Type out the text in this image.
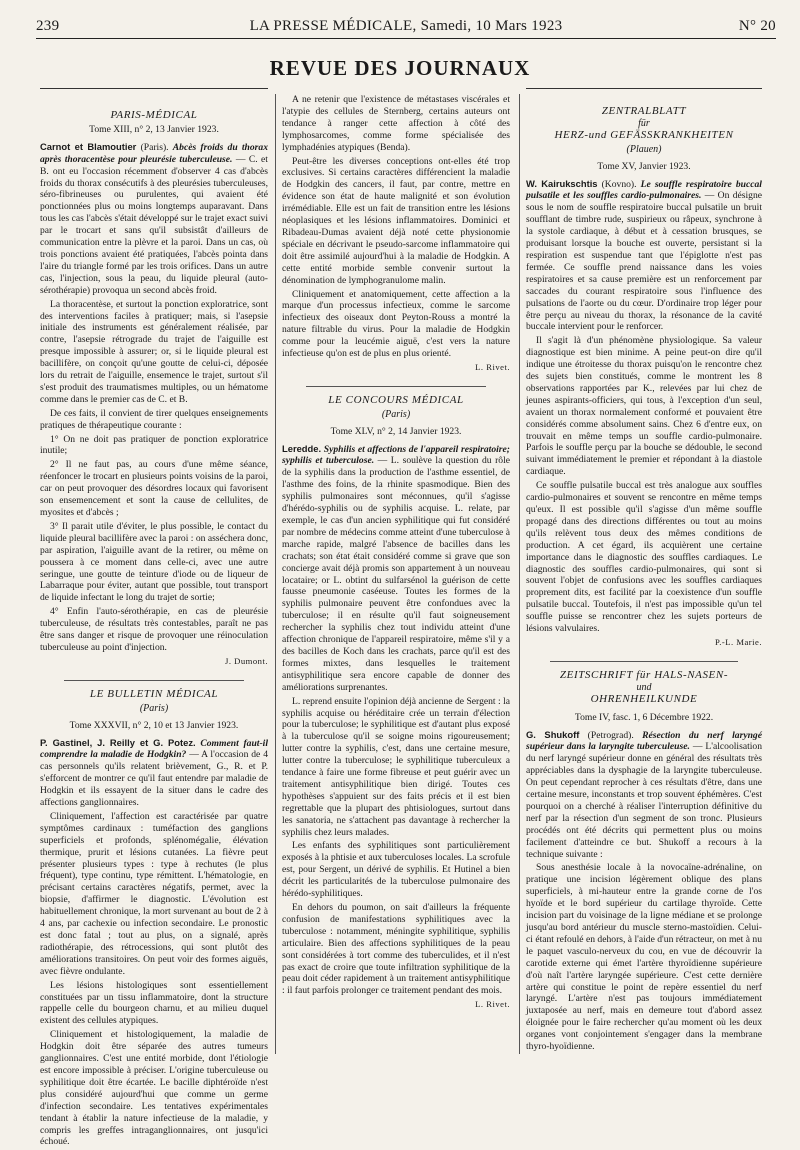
239	LA PRESSE MÉDICALE, Samedi, 10 Mars 1923	N° 20
REVUE DES JOURNAUX
PARIS-MÉDICAL
Tome XIII, n° 2, 13 Janvier 1923.

Carnot et Blamoutier (Paris). Abcès froids du thorax après thoracentèse pour pleurésie tuberculeuse. — C. et B. ont eu l'occasion récemment d'observer 4 cas d'abcès froids du thorax consécutifs à des pleurésies tuberculeuses, séro-fibrineuses ou purulentes, qui avaient été ponctionnées plus ou moins longtemps auparavant. Dans tous les cas l'abcès s'était développé sur le trajet exact suivi par le trocart et sans qu'il subsistât d'ailleurs de communication entre la plèvre et la paroi. Dans un cas, où trois ponctions avaient été pratiquées, l'abcès pointa dans l'aire du triangle formé par les trois orifices. Dans un autre cas, l'injection, sous la peau, du liquide pleural (auto-sérothérapie) provoqua un second abcès froid.

La thoracentèse, et surtout la ponction exploratrice, sont des interventions faciles à pratiquer; mais, si l'asepsie initiale des instruments est généralement réalisée, par contre, l'asepsie rétrograde du trajet de l'aiguille est presque impossible à assurer; or, si le liquide pleural est bacillifère, on conçoit qu'une goutte de celui-ci, déposée lors du retrait de l'aiguille, ensemence le trajet, surtout s'il s'est produit des traumatismes multiples, ou un hématome comme dans le premier cas de C. et B.

De ces faits, il convient de tirer quelques enseignements pratiques de thérapeutique courante :

1° On ne doit pas pratiquer de ponction exploratrice inutile;

2° Il ne faut pas, au cours d'une même séance, réenfoncer le trocart en plusieurs points voisins de la paroi, car on peut provoquer des désordres locaux qui favorisent son ensemencement et sont la cause de cellulites, de myosites et d'abcès ;

3° Il parait utile d'éviter, le plus possible, le contact du liquide pleural bacillifère avec la paroi : on asséchera donc, par aspiration, l'aiguille avant de la retirer, ou même on poussera à ce moment dans celle-ci, avec une autre seringue, une goutte de teinture d'iode ou de liqueur de Labarraque pour éviter, autant que possible, tout transport de liquide infectant le long du trajet de sortie;

4° Enfin l'auto-sérothérapie, en cas de pleurésie tuberculeuse, de résultats très contestables, paraît ne pas être sans danger et risque de provoquer une réinoculation tuberculeuse au point d'injection.

J. Dumont.
LE BULLETIN MÉDICAL
(Paris)
Tome XXXVII, n° 2, 10 et 13 Janvier 1923.

P. Gastinel, J. Reilly et G. Potez. Comment faut-il comprendre la maladie de Hodgkin? — A l'occasion de 4 cas personnels qu'ils relatent brièvement, G., R. et P. s'efforcent de montrer ce qu'il faut entendre par maladie de Hodgkin et ils essayent de la situer dans le cadre des affections ganglionnaires.

Cliniquement, l'affection est caractérisée par quatre symptômes cardinaux : tuméfaction des ganglions superficiels et profonds, splénomégalie, élévation thermique, prurit et lésions cutanées. La fièvre peut présenter plusieurs types : type à rechutes (le plus fréquent), type continu, type rémittent. L'hématologie, en précisant certains caractères négatifs, permet, avec la biopsie, d'affirmer le diagnostic. L'évolution est habituellement chronique, la mort survenant au bout de 2 à 4 ans, par cachexie ou infection secondaire. Le pronostic est donc fatal ; tout au plus, on a signalé, après radiothérapie, des rétrocessions, qui sont plutôt des améliorations transitoires. On peut voir des formes aiguës, avec fièvre ondulante.

Les lésions histologiques sont essentiellement constituées par un tissu inflammatoire, dont la structure rappelle celle du bourgeon charnu, et au milieu duquel existent des cellules atypiques.

Cliniquement et histologiquement, la maladie de Hodgkin doit être séparée des autres tumeurs ganglionnaires. C'est une entité morbide, dont l'étiologie est encore impossible à préciser. L'origine tuberculeuse ou syphilitique doit être écartée. Le bacille diphtéroïde n'est plus considéré aujourd'hui que comme un germe d'infection secondaire. Les tentatives expérimentales tendant à établir la nature infectieuse de la maladie, y compris les greffes intraganglionnaires, ont jusqu'ici échoué.

A ne retenir que l'existence de métastases viscérales et l'atypie des cellules de Sternberg, certains auteurs ont tendance à ranger cette affection à côté des lymphosarcomes, comme forme spécialisée des lymphadénies atypiques (Benda).

Peut-être les diverses conceptions ont-elles été trop exclusives. Si certains caractères différencient la maladie de Hodgkin des cancers, il faut, par contre, mettre en évidence son état de haute malignité et son évolution irrémédiable. Elle est un fait de transition entre les lésions néoplasiques et les lésions inflammatoires. Dominici et Ribadeau-Dumas avaient déjà noté cette physionomie spéciale en décrivant le pseudo-sarcome inflammatoire qui doit être assimilé aujourd'hui à la maladie de Hodgkin. A cette entité morbide semble convenir surtout la dénomination de lymphogranulome malin.

Cliniquement et anatomiquement, cette affection a la marque d'un processus infectieux, comme le sarcome infectieux des oiseaux dont Peyton-Rouss a montré la nature filtrable du virus. Pour la maladie de Hodgkin comme pour la leucémie aiguë, c'est vers la nature infectieuse qu'on est de plus en plus orienté.

L. Rivet.
LE CONCOURS MÉDICAL
(Paris)
Tome XLV, n° 2, 14 Janvier 1923.

Leredde. Syphilis et affections de l'appareil respiratoire; syphilis et tuberculose. — L. soulève la question du rôle de la syphilis dans la production de l'asthme essentiel, de l'asthme des foins, de la rhinite spasmodique. Bien des syphilis pulmonaires sont méconnues, qu'il s'agisse d'hérédo-syphilis ou de syphilis acquise. L. relate, par exemple, le cas d'un ancien syphilitique qui fut considéré par nombre de médecins comme atteint d'une tuberculose à marche rapide, malgré l'absence de bacilles dans les crachats; son état était considéré comme si grave que son concierge avait déjà promis son appartement à un nouveau locataire; or L. obtint du sulfarsénol la guérison de cette fausse pneumonie caséeuse. Toutes les formes de la syphilis pulmonaire peuvent être confondues avec la tuberculose; il en résulte qu'il faut soigneusement rechercher la syphilis chez tout individu atteint d'une affection chronique de l'appareil respiratoire, même s'il y a des bacilles de Koch dans les crachats, parce qu'il est des formes mixtes, dans lesquelles le traitement antisyphilitique sera encore capable de donner des améliorations surprenantes.

L. reprend ensuite l'opinion déjà ancienne de Sergent : la syphilis acquise ou héréditaire crée un terrain d'élection pour la tuberculose; le syphilitique est d'autant plus exposé à la tuberculose qu'il se soigne moins rigoureusement; lutter contre la syphilis, c'est, dans une certaine mesure, lutter contre la tuberculose; le syphilitique tuberculeux a tendance à faire une forme fibreuse et peut guérir avec un traitement antisyphilitique bien dirigé. Toutes ces hypothèses s'appuient sur des faits précis et il est bien regrettable que la plupart des phtisiologues, surtout dans les sanatoria, ne s'attachent pas davantage à rechercher la syphilis chez leurs malades.

Les enfants des syphilitiques sont particulièrement exposés à la phtisie et aux tuberculoses locales. La scrofule est, pour Sergent, un dérivé de syphilis. Et Hutinel a bien décrit les particularités de la tuberculose pulmonaire des hérédo-syphilitiques.

En dehors du poumon, on sait d'ailleurs la fréquente confusion de manifestations syphilitiques avec la tuberculose : notamment, méningite syphilitique, syphilis articulaire. Bien des affections syphilitiques de la peau sont considérées à tort comme des tuberculides, et il n'est pas exact de croire que toute infiltration syphilitique de la peau doit céder rapidement à un traitement antisyphilitique : il faut parfois prolonger ce traitement pendant des mois.

L. Rivet.
ZENTRALBLATT
für
HERZ-und GEFÄSSKRANKHEITEN
(Plauen)
Tome XV, Janvier 1923.

W. Kairukschtis (Kovno). Le souffle respiratoire buccal pulsatile et les souffles cardio-pulmonaires. — On désigne sous le nom de souffle respiratoire buccal pulsatile un bruit soufflant de timbre rude, suspirieux ou râpeux, synchrone à la systole cardiaque, à début et à cessation brusques, se produisant lorsque la bouche est ouverte, persistant si la respiration est suspendue tant que l'épiglotte n'est pas fermée. Ce souffle prend naissance dans les voies respiratoires et sa cause première est un renforcement par saccades du courant respiratoire sous l'influence des pulsations de l'aorte ou du cœur. D'ordinaire trop léger pour être perçu au niveau du thorax, la résonance de la cavité buccale intervient pour le renforcer.

Il s'agit là d'un phénomène physiologique. Sa valeur diagnostique est bien minime. A peine peut-on dire qu'il indique une étroitesse du thorax puisqu'on le rencontre chez des sujets bien constitués, comme le montrent les 8 observations rapportées par K., relevées par lui chez de jeunes aspirants-officiers, qui tous, à l'exception d'un seul, avaient un thorax normalement conformé et pouvaient être considérés comme absolument sains. Chez 6 d'entre eux, on trouvait en même temps un souffle cardio-pulmonaire. Parfois le souffle perçu par la bouche se dédouble, le second suivant immédiatement le premier et répondant à la diastole cardiaque.

Ce souffle pulsatile buccal est très analogue aux souffles cardio-pulmonaires et souvent se rencontre en même temps qu'eux. Il est possible qu'il s'agisse d'un même souffle propagé dans des directions différentes ou tout au moins qu'ils relèvent tous deux des mêmes conditions de production. A cet égard, ils acquièrent une certaine importance dans le diagnostic des souffles cardiaques. Le diagnostic des souffles cardio-pulmonaires, qui sont si souvent l'objet de confusions avec les souffles cardiaques proprement dits, est facilité par la coexistence d'un souffle pulsatile buccal. Toutefois, il n'est pas impossible qu'un tel souffle puisse se rencontrer chez les sujets porteurs de lésions valvulaires.

P.-L. Marie.
ZEITSCHRIFT für HALS-NASEN-
und
OHRENHEILKUNDE
Tome IV, fasc. 1, 6 Décembre 1922.

G. Shukoff (Petrograd). Résection du nerf laryngé supérieur dans la laryngite tuberculeuse. — L'alcoolisation du nerf laryngé supérieur donne en général des résultats très appréciables dans la dysphagie de la laryngite tuberculeuse. On peut cependant reprocher à ces résultats d'être, dans une certaine mesure, inconstants et trop souvent éphémères. C'est pourquoi on a cherché à réaliser l'interruption définitive du nerf par la résection d'un segment de son tronc. Plusieurs procédés ont été décrits qui permettent plus ou moins facilement d'atteindre ce but. Shukoff a recours à la technique suivante :

Sous anesthésie locale à la novocaïne-adrénaline, on pratique une incision légèrement oblique des plans superficiels, à mi-hauteur entre la grande corne de l'os hyoïde et le bord supérieur du cartilage thyroïde. Cette incision part du voisinage de la ligne médiane et se prolonge jusqu'au bord antérieur du muscle sterno-mastoïdien. Celui-ci étant refoulé en dehors, à l'aide d'un rétracteur, on met à nu le paquet vasculo-nerveux du cou, en vue de découvrir la carotide externe qui émet l'artère thyroïdienne supérieure d'où naît l'artère laryngée supérieure. C'est cette dernière artère qui constitue le point de repère essentiel du nerf laryngé. L'artère n'est pas toujours immédiatement juxtaposée au nerf, mais en demeure tout d'abord assez éloignée pour le faire rechercher qu'au moment où les deux organes vont conjointement s'engager dans la membrane thyro-hyoïdienne.
